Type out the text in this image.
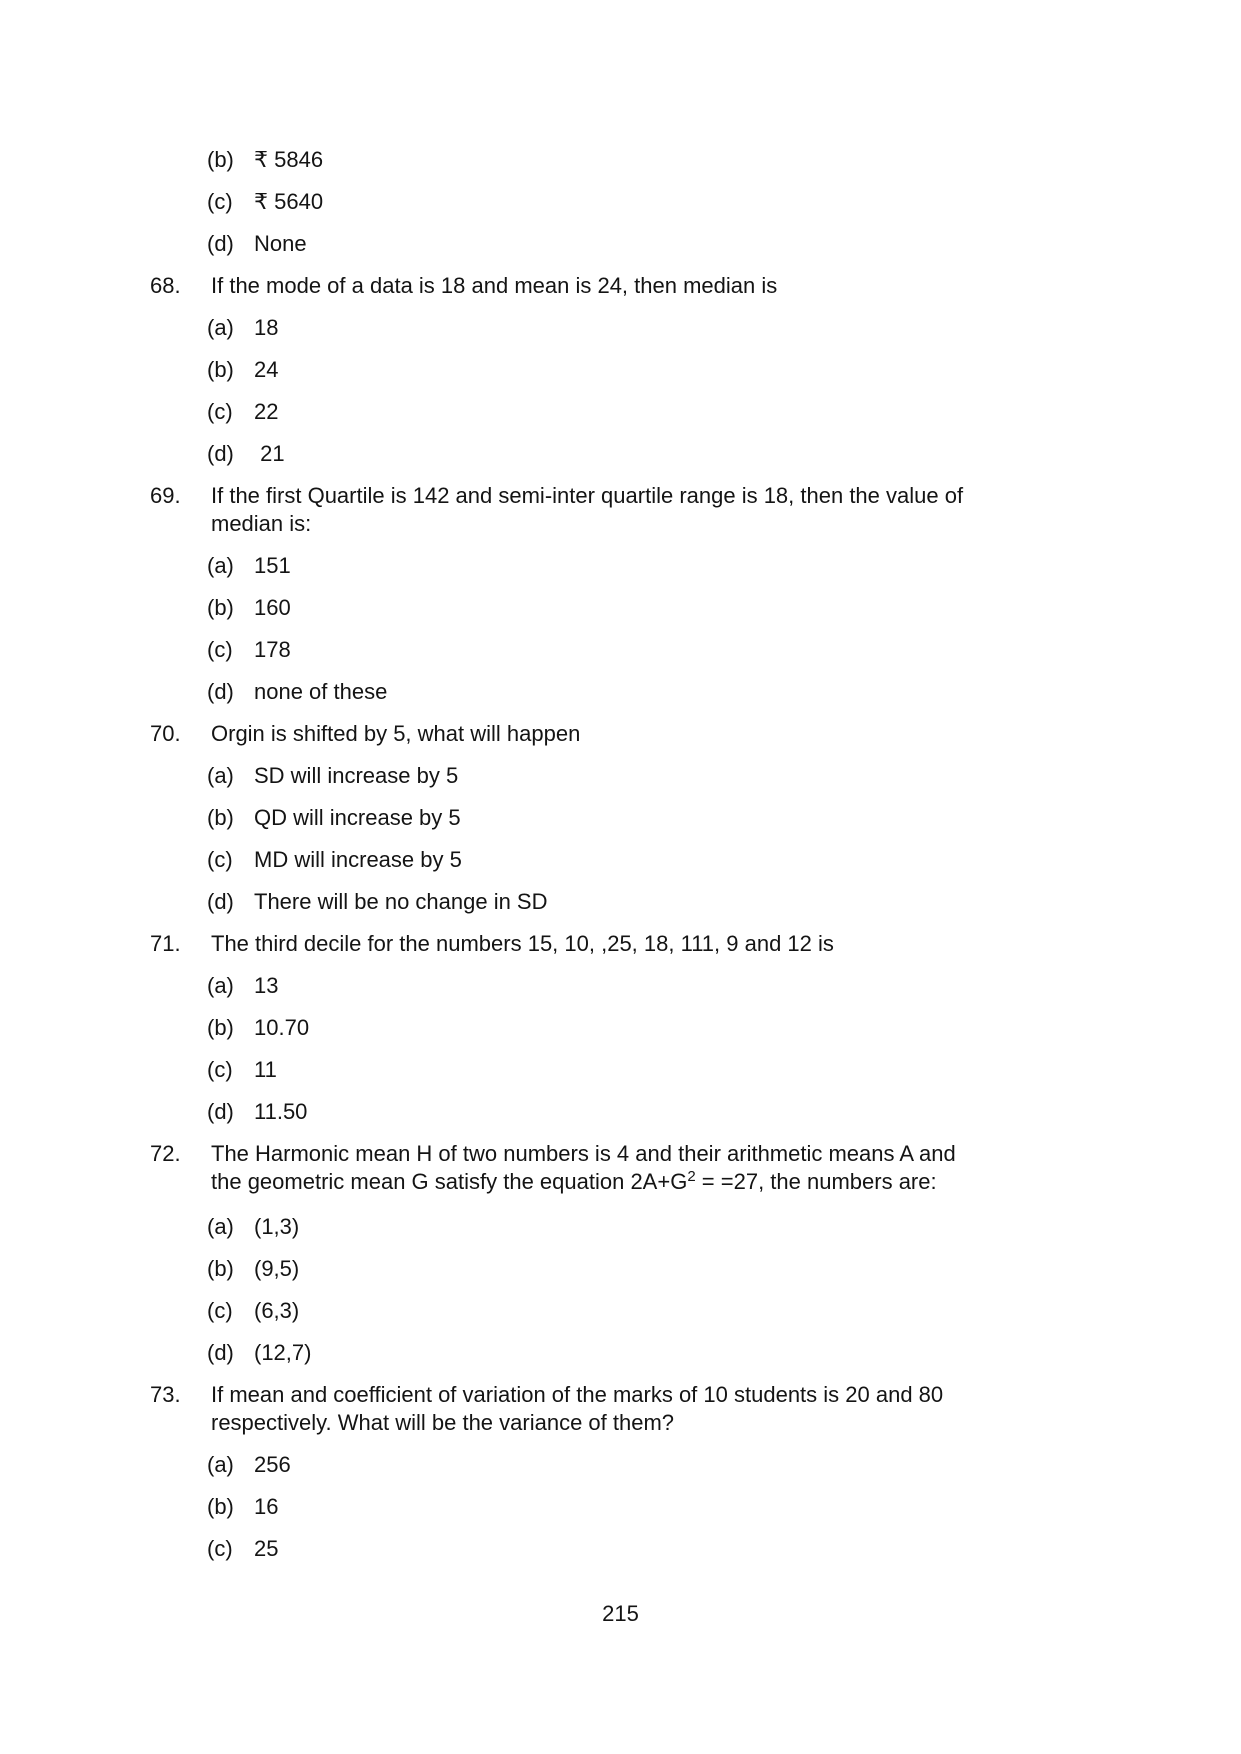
(b) ₹ 5846
(c) ₹ 5640
(d) None
68. If the mode of a data is 18 and mean is 24, then median is
(a) 18
(b) 24
(c) 22
(d) 21
69. If the first Quartile is 142 and semi-inter quartile range is 18, then the value of
median is:
(a) 151
(b) 160
(c) 178
(d) none of these
70. Orgin is shifted by 5, what will happen
(a) SD will increase by 5
(b) QD will increase by 5
(c) MD will increase by 5
(d) There will be no change in SD
71. The third decile for the numbers 15, 10, ,25, 18, 111, 9 and 12 is
(a) 13
(b) 10.70
(c) 11
(d) 11.50
72. The Harmonic mean H of two numbers is 4 and their arithmetic means A and
the geometric mean G satisfy the equation $2A+G^2 = =27$, the numbers are:
(a) (1,3)
(b) (9,5)
(c) (6,3)
(d) (12,7)
73. If mean and coefficient of variation of the marks of 10 students is 20 and 80
respectively. What will be the variance of them?
(a) 256
(b) 16
(c) 25
215
